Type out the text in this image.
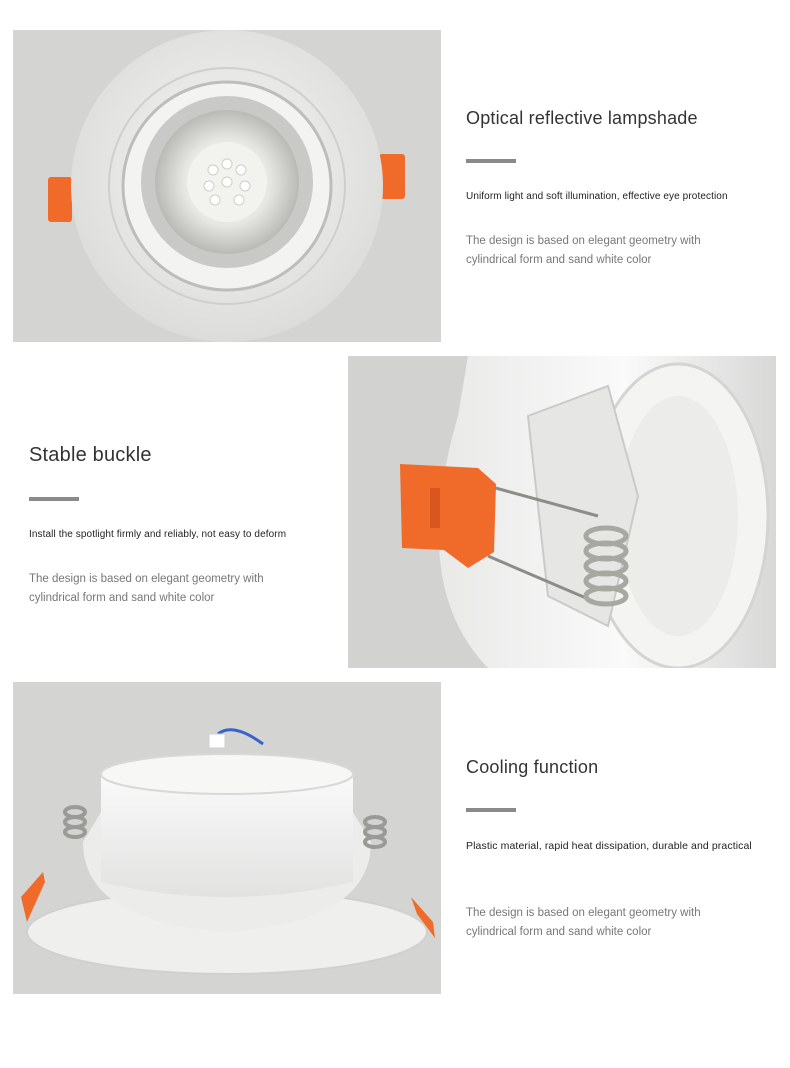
Optical reflective lampshade
Uniform light and soft illumination, effective eye protection
The design is based on elegant geometry with
cylindrical form and sand white color
Stable buckle
Install the spotlight firmly and reliably, not easy to deform
The design is based on elegant geometry with
cylindrical form and sand white color
Cooling function
Plastic material, rapid heat dissipation, durable and practical
The design is based on elegant geometry with
cylindrical form and sand white color
